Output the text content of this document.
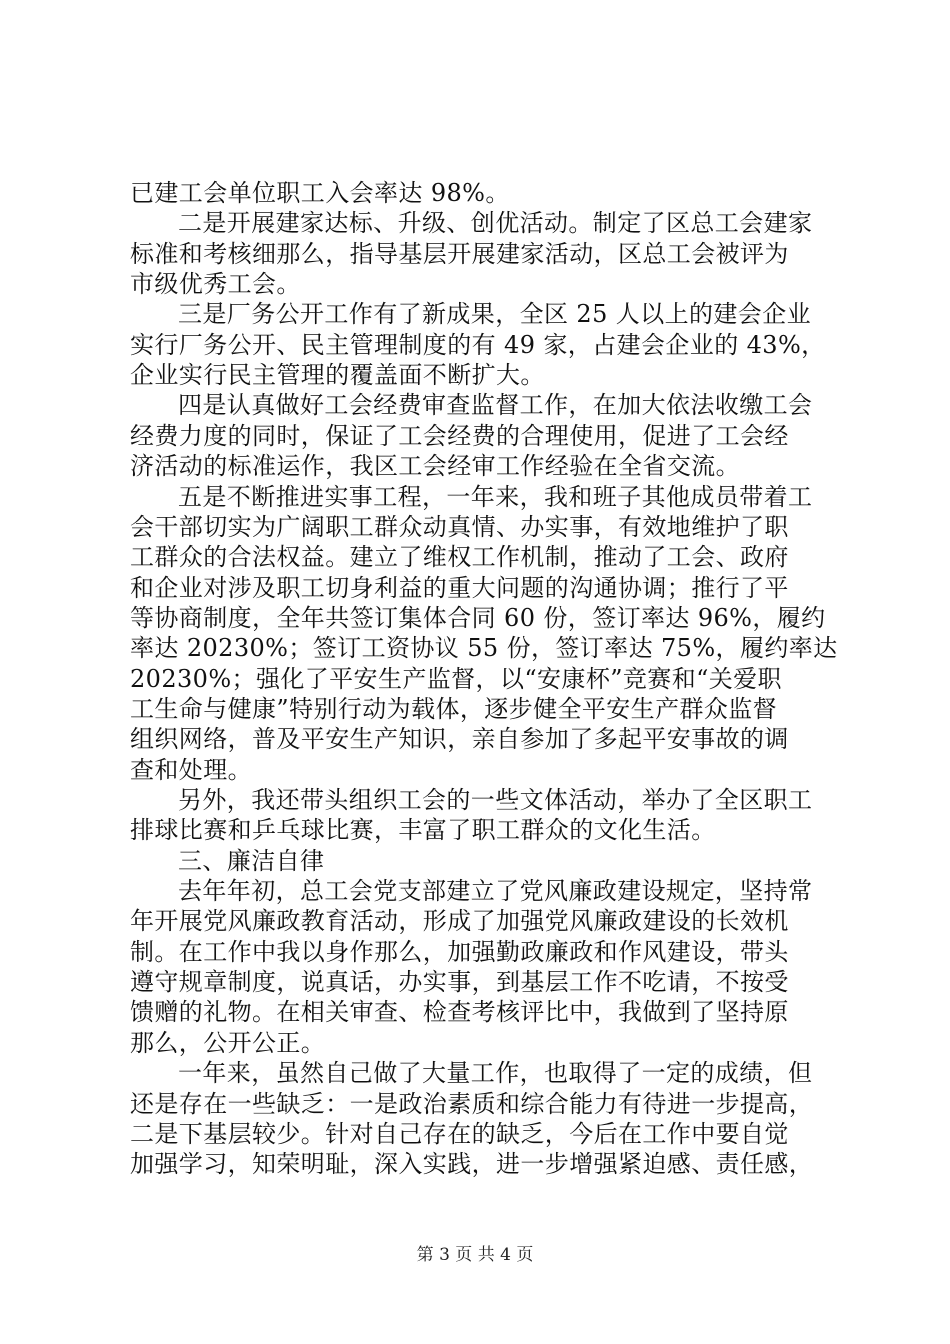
已建工会单位职工入会率达 98%。
二是开展建家达标、升级、创优活动。制定了区总工会建家
标准和考核细那么，指导基层开展建家活动，区总工会被评为
市级优秀工会。
三是厂务公开工作有了新成果，全区 25 人以上的建会企业
实行厂务公开、民主管理制度的有 49 家，占建会企业的 43%，
企业实行民主管理的覆盖面不断扩大。
四是认真做好工会经费审查监督工作，在加大依法收缴工会
经费力度的同时，保证了工会经费的合理使用，促进了工会经
济活动的标准运作，我区工会经审工作经验在全省交流。
五是不断推进实事工程，一年来，我和班子其他成员带着工
会干部切实为广阔职工群众动真情、办实事，有效地维护了职
工群众的合法权益。建立了维权工作机制，推动了工会、政府
和企业对涉及职工切身利益的重大问题的沟通协调；推行了平
等协商制度，全年共签订集体合同 60 份，签订率达 96%，履约
率达 20230%；签订工资协议 55 份，签订率达 75%，履约率达
20230%；强化了平安生产监督，以“安康杯”竞赛和“关爱职
工生命与健康”特别行动为载体，逐步健全平安生产群众监督
组织网络，普及平安生产知识，亲自参加了多起平安事故的调
查和处理。
另外，我还带头组织工会的一些文体活动，举办了全区职工
排球比赛和乒乓球比赛，丰富了职工群众的文化生活。
三、廉洁自律
去年年初，总工会党支部建立了党风廉政建设规定，坚持常
年开展党风廉政教育活动，形成了加强党风廉政建设的长效机
制。在工作中我以身作那么，加强勤政廉政和作风建设，带头
遵守规章制度，说真话，办实事，到基层工作不吃请，不按受
馈赠的礼物。在相关审查、检查考核评比中，我做到了坚持原
那么，公开公正。
一年来，虽然自己做了大量工作，也取得了一定的成绩，但
还是存在一些缺乏：一是政治素质和综合能力有待进一步提高，
二是下基层较少。针对自己存在的缺乏，今后在工作中要自觉
加强学习，知荣明耻，深入实践，进一步增强紧迫感、责任感，
第 3 页 共 4 页
